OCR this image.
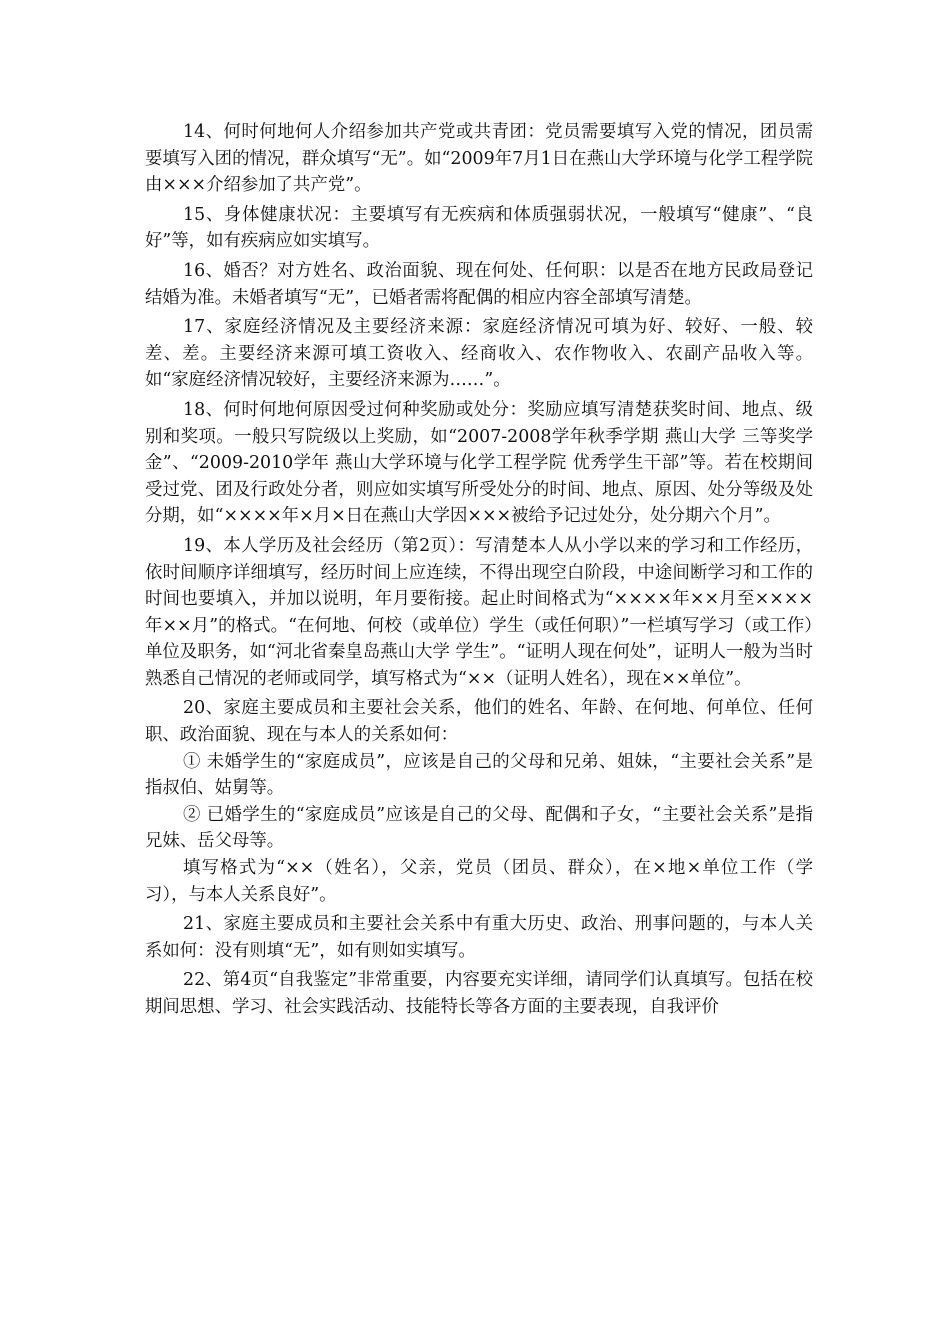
14、何时何地何人介绍参加共产党或共青团：党员需要填写入党的情况，团员需要填写入团的情况，群众填写“无”。如“2009年7月1日在燕山大学环境与化学工程学院由×××介绍参加了共产党”。

15、身体健康状况：主要填写有无疾病和体质强弱状况，一般填写“健康”、“良好”等，如有疾病应如实填写。

16、婚否？对方姓名、政治面貌、现在何处、任何职：以是否在地方民政局登记结婚为准。未婚者填写“无”，已婚者需将配偶的相应内容全部填写清楚。

17、家庭经济情况及主要经济来源：家庭经济情况可填为好、较好、一般、较差、差。主要经济来源可填工资收入、经商收入、农作物收入、农副产品收入等。如“家庭经济情况较好，主要经济来源为……”。

18、何时何地何原因受过何种奖励或处分：奖励应填写清楚获奖时间、地点、级别和奖项。一般只写院级以上奖励，如“2007-2008学年秋季学期 燕山大学 三等奖学金”、“2009-2010学年 燕山大学环境与化学工程学院 优秀学生干部”等。若在校期间受过党、团及行政处分者，则应如实填写所受处分的时间、地点、原因、处分等级及处分期，如“××××年×月×日在燕山大学因×××被给予记过处分，处分期六个月”。

19、本人学历及社会经历（第2页）：写清楚本人从小学以来的学习和工作经历，依时间顺序详细填写，经历时间上应连续，不得出现空白阶段，中途间断学习和工作的时间也要填入，并加以说明，年月要衔接。起止时间格式为“××××年××月至××××年××月”的格式。“在何地、何校（或单位）学生（或任何职）”一栏填写学习（或工作）单位及职务，如“河北省秦皇岛燕山大学 学生”。“证明人现在何处”，证明人一般为当时熟悉自己情况的老师或同学，填写格式为“××（证明人姓名），现在××单位”。

20、家庭主要成员和主要社会关系，他们的姓名、年龄、在何地、何单位、任何职、政治面貌、现在与本人的关系如何：

① 未婚学生的“家庭成员”，应该是自己的父母和兄弟、姐妹，“主要社会关系”是指叔伯、姑舅等。

② 已婚学生的“家庭成员”应该是自己的父母、配偶和子女，“主要社会关系”是指兄妹、岳父母等。

填写格式为“××（姓名），父亲，党员（团员、群众），在×地×单位工作（学习），与本人关系良好”。

21、家庭主要成员和主要社会关系中有重大历史、政治、刑事问题的，与本人关系如何：没有则填“无”，如有则如实填写。

22、第4页“自我鉴定”非常重要，内容要充实详细，请同学们认真填写。包括在校期间思想、学习、社会实践活动、技能特长等各方面的主要表现，自我评价
